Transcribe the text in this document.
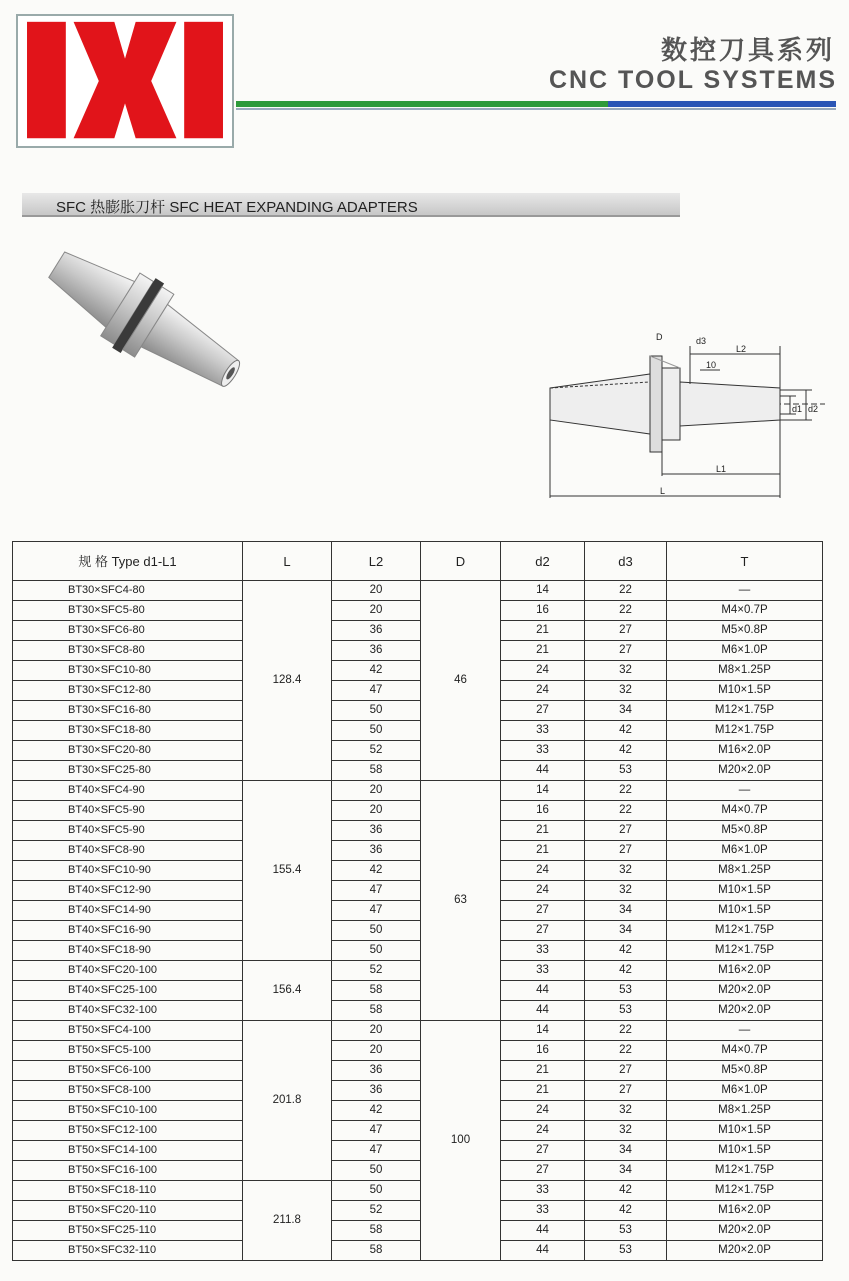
数控刀具系列
CNC TOOL SYSTEMS
SFC 热膨胀刀杆 SFC HEAT EXPANDING ADAPTERS
D	d3
L2
10
d1 d2
L1
L
规 格 Type d1-L1	L	L2	D	d2	d3	T
BT30×SFC4-80	128.4	20	46	14	22	—
BT30×SFC5-80		20		16	22	M4×0.7P
BT30×SFC6-80		36		21	27	M5×0.8P
BT30×SFC8-80		36		21	27	M6×1.0P
BT30×SFC10-80		42		24	32	M8×1.25P
BT30×SFC12-80		47		24	32	M10×1.5P
BT30×SFC16-80		50		27	34	M12×1.75P
BT30×SFC18-80		50		33	42	M12×1.75P
BT30×SFC20-80		52		33	42	M16×2.0P
BT30×SFC25-80		58		44	53	M20×2.0P
BT40×SFC4-90	155.4	20	63	14	22	—
BT40×SFC5-90		20		16	22	M4×0.7P
BT40×SFC5-90		36		21	27	M5×0.8P
BT40×SFC8-90		36		21	27	M6×1.0P
BT40×SFC10-90		42		24	32	M8×1.25P
BT40×SFC12-90		47		24	32	M10×1.5P
BT40×SFC14-90		47		27	34	M10×1.5P
BT40×SFC16-90		50		27	34	M12×1.75P
BT40×SFC18-90		50		33	42	M12×1.75P
BT40×SFC20-100	156.4	52		33	42	M16×2.0P
BT40×SFC25-100		58		44	53	M20×2.0P
BT40×SFC32-100		58		44	53	M20×2.0P
BT50×SFC4-100	201.8	20	100	14	22	—
BT50×SFC5-100		20		16	22	M4×0.7P
BT50×SFC6-100		36		21	27	M5×0.8P
BT50×SFC8-100		36		21	27	M6×1.0P
BT50×SFC10-100		42		24	32	M8×1.25P
BT50×SFC12-100		47		24	32	M10×1.5P
BT50×SFC14-100		47		27	34	M10×1.5P
BT50×SFC16-100		50		27	34	M12×1.75P
BT50×SFC18-110	211.8	50		33	42	M12×1.75P
BT50×SFC20-110		52		33	42	M16×2.0P
BT50×SFC25-110		58		44	53	M20×2.0P
BT50×SFC32-110		58		44	53	M20×2.0P
